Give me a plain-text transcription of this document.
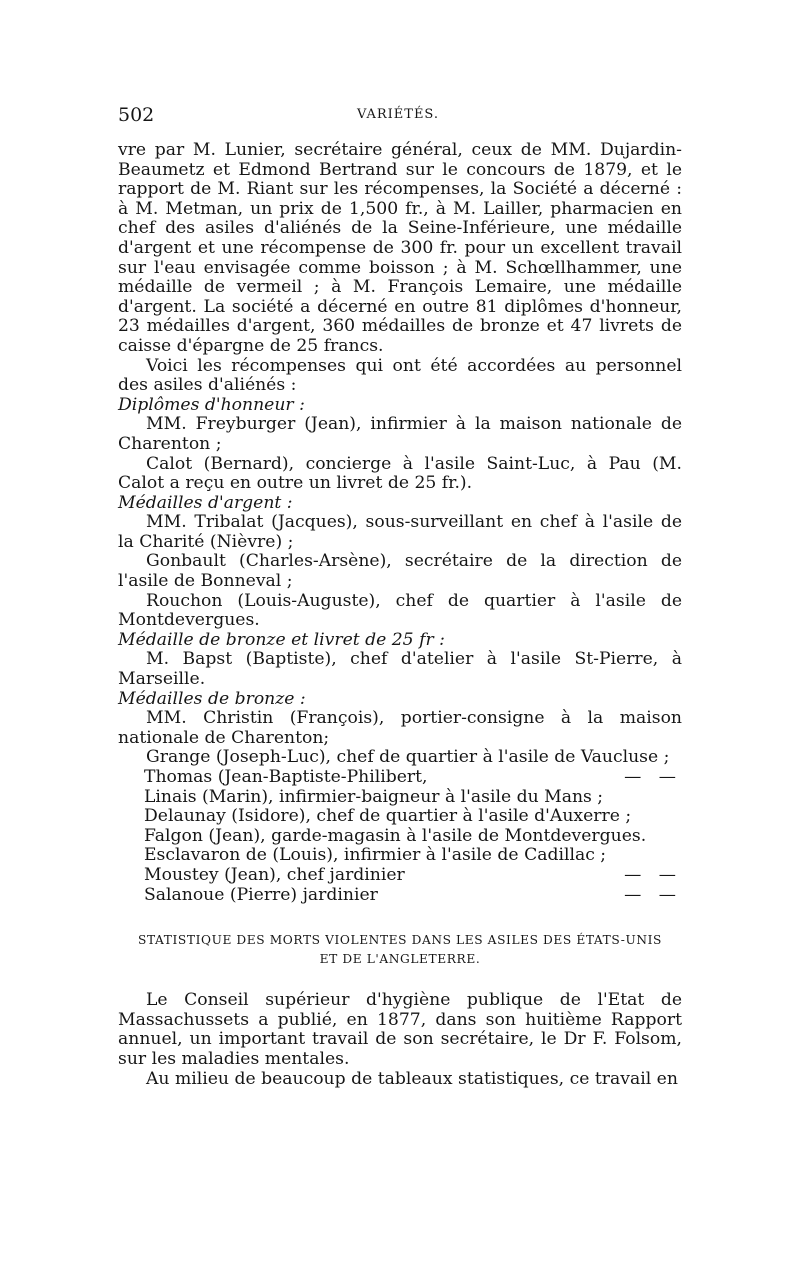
502	VARIÉTÉS.

vre par M. Lunier, secrétaire général, ceux de MM. Dujardin-Beaumetz et Edmond Bertrand sur le concours de 1879, et le rapport de M. Riant sur les récompenses, la Société a décerné : à M. Metman, un prix de 1,500 fr., à M. Lailler, pharmacien en chef des asiles d'aliénés de la Seine-Inférieure, une médaille d'argent et une récompense de 300 fr. pour un excellent travail sur l'eau envisagée comme boisson ; à M. Schœllhammer, une médaille de vermeil ; à M. François Lemaire, une médaille d'argent. La société a décerné en outre 81 diplômes d'honneur, 23 médailles d'argent, 360 médailles de bronze et 47 livrets de caisse d'épargne de 25 francs.

Voici les récompenses qui ont été accordées au personnel des asiles d'aliénés :

Diplômes d'honneur :

MM. Freyburger (Jean), infirmier à la maison nationale de Charenton ;

Calot (Bernard), concierge à l'asile Saint-Luc, à Pau (M. Calot a reçu en outre un livret de 25 fr.).

Médailles d'argent :

MM. Tribalat (Jacques), sous-surveillant en chef à l'asile de la Charité (Nièvre) ;

Gonbault (Charles-Arsène), secrétaire de la direction de l'asile de Bonneval ;

Rouchon (Louis-Auguste), chef de quartier à l'asile de Montdevergues.

Médaille de bronze et livret de 25 fr :

M. Bapst (Baptiste), chef d'atelier à l'asile St-Pierre, à Marseille.

Médailles de bronze :

MM. Christin (François), portier-consigne à la maison nationale de Charenton;

Grange (Joseph-Luc), chef de quartier à l'asile de Vaucluse ;

Thomas (Jean-Baptiste-Philibert,	— —
Linais (Marin), infirmier-baigneur à l'asile du Mans ;
Delaunay (Isidore), chef de quartier à l'asile d'Auxerre ;
Falgon (Jean), garde-magasin à l'asile de Montdevergues.
Esclavaron de (Louis), infirmier à l'asile de Cadillac ;
Moustey (Jean), chef jardinier	— —
Salanoue (Pierre) jardinier	— —
STATISTIQUE DES MORTS VIOLENTES DANS LES ASILES DES ÉTATS-UNIS
ET DE L'ANGLETERRE.

Le Conseil supérieur d'hygiène publique de l'Etat de Massachussets a publié, en 1877, dans son huitième Rapport annuel, un important travail de son secrétaire, le Dr F. Folsom, sur les maladies mentales.

Au milieu de beaucoup de tableaux statistiques, ce travail en
